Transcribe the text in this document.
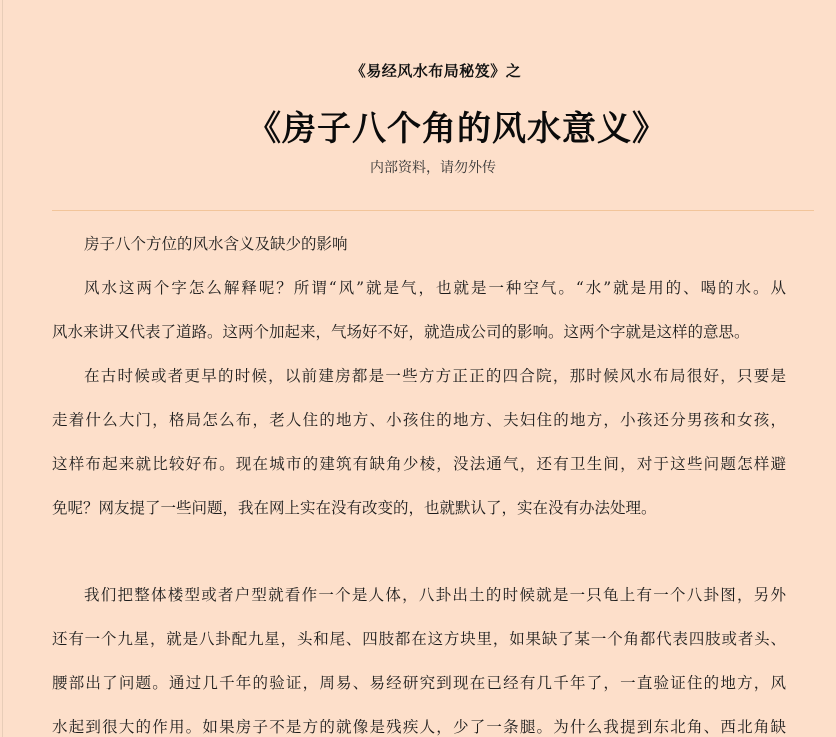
《易经风水布局秘笈》之
《房子八个角的风水意义》
内部资料，请勿外传
房子八个方位的风水含义及缺少的影响
风水这两个字怎么解释呢？所谓“风”就是气，也就是一种空气。“水”就是用的、喝的水。从
风水来讲又代表了道路。这两个加起来，气场好不好，就造成公司的影响。这两个字就是这样的意思。
在古时候或者更早的时候，以前建房都是一些方方正正的四合院，那时候风水布局很好，只要是
走着什么大门，格局怎么布，老人住的地方、小孩住的地方、夫妇住的地方，小孩还分男孩和女孩，
这样布起来就比较好布。现在城市的建筑有缺角少棱，没法通气，还有卫生间，对于这些问题怎样避
免呢？网友提了一些问题，我在网上实在没有改变的，也就默认了，实在没有办法处理。
我们把整体楼型或者户型就看作一个是人体，八卦出土的时候就是一只龟上有一个八卦图，另外
还有一个九星，就是八卦配九星，头和尾、四肢都在这方块里，如果缺了某一个角都代表四肢或者头、
腰部出了问题。通过几千年的验证，周易、易经研究到现在已经有几千年了，一直验证住的地方，风
水起到很大的作用。如果房子不是方的就像是残疾人，少了一条腿。为什么我提到东北角、西北角缺
